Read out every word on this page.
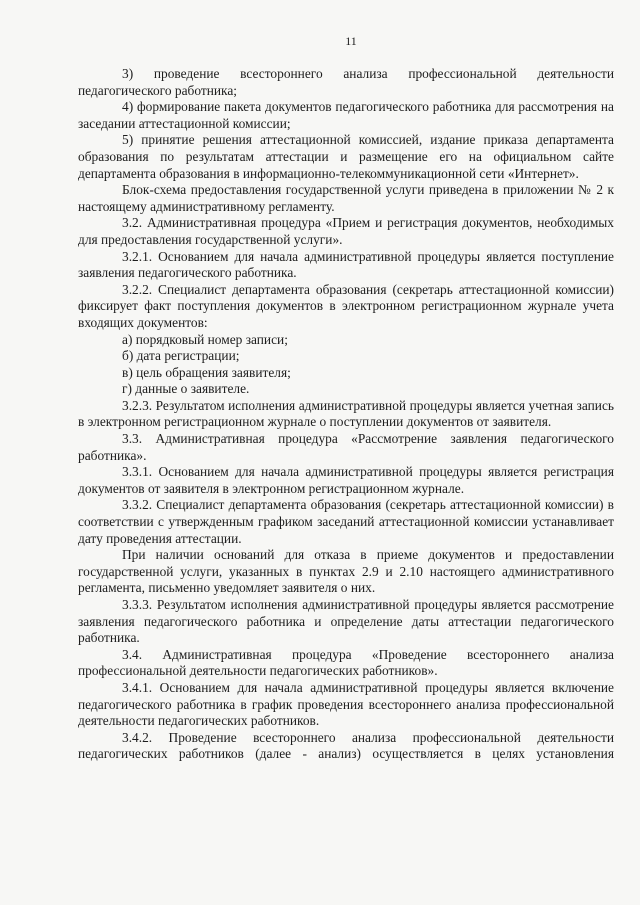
11
3) проведение всестороннего анализа профессиональной деятельности педагогического работника;
4) формирование пакета документов педагогического работника для рассмотрения на заседании аттестационной комиссии;
5) принятие решения аттестационной комиссией, издание приказа департамента образования по результатам аттестации и размещение его на официальном сайте департамента образования в информационно-телекоммуникационной сети «Интернет».
Блок-схема предоставления государственной услуги приведена в приложении № 2 к настоящему административному регламенту.
3.2. Административная процедура «Прием и регистрация документов, необходимых для предоставления государственной услуги».
3.2.1. Основанием для начала административной процедуры является поступление заявления педагогического работника.
3.2.2. Специалист департамента образования (секретарь аттестационной комиссии) фиксирует факт поступления документов в электронном регистрационном журнале учета входящих документов:
а) порядковый номер записи;
б) дата регистрации;
в) цель обращения заявителя;
г) данные о заявителе.
3.2.3. Результатом исполнения административной процедуры является учетная запись в электронном регистрационном журнале о поступлении документов от заявителя.
3.3. Административная процедура «Рассмотрение заявления педагогического работника».
3.3.1. Основанием для начала административной процедуры является регистрация документов от заявителя в электронном регистрационном журнале.
3.3.2. Специалист департамента образования (секретарь аттестационной комиссии) в соответствии с утвержденным графиком заседаний аттестационной комиссии устанавливает дату проведения аттестации.
При наличии оснований для отказа в приеме документов и предоставлении государственной услуги, указанных в пунктах 2.9 и 2.10 настоящего административного регламента, письменно уведомляет заявителя о них.
3.3.3. Результатом исполнения административной процедуры является рассмотрение заявления педагогического работника и определение даты аттестации педагогического работника.
3.4. Административная процедура «Проведение всестороннего анализа профессиональной деятельности педагогических работников».
3.4.1. Основанием для начала административной процедуры является включение педагогического работника в график проведения всестороннего анализа профессиональной деятельности педагогических работников.
3.4.2. Проведение всестороннего анализа профессиональной деятельности педагогических работников (далее - анализ) осуществляется в целях установления
